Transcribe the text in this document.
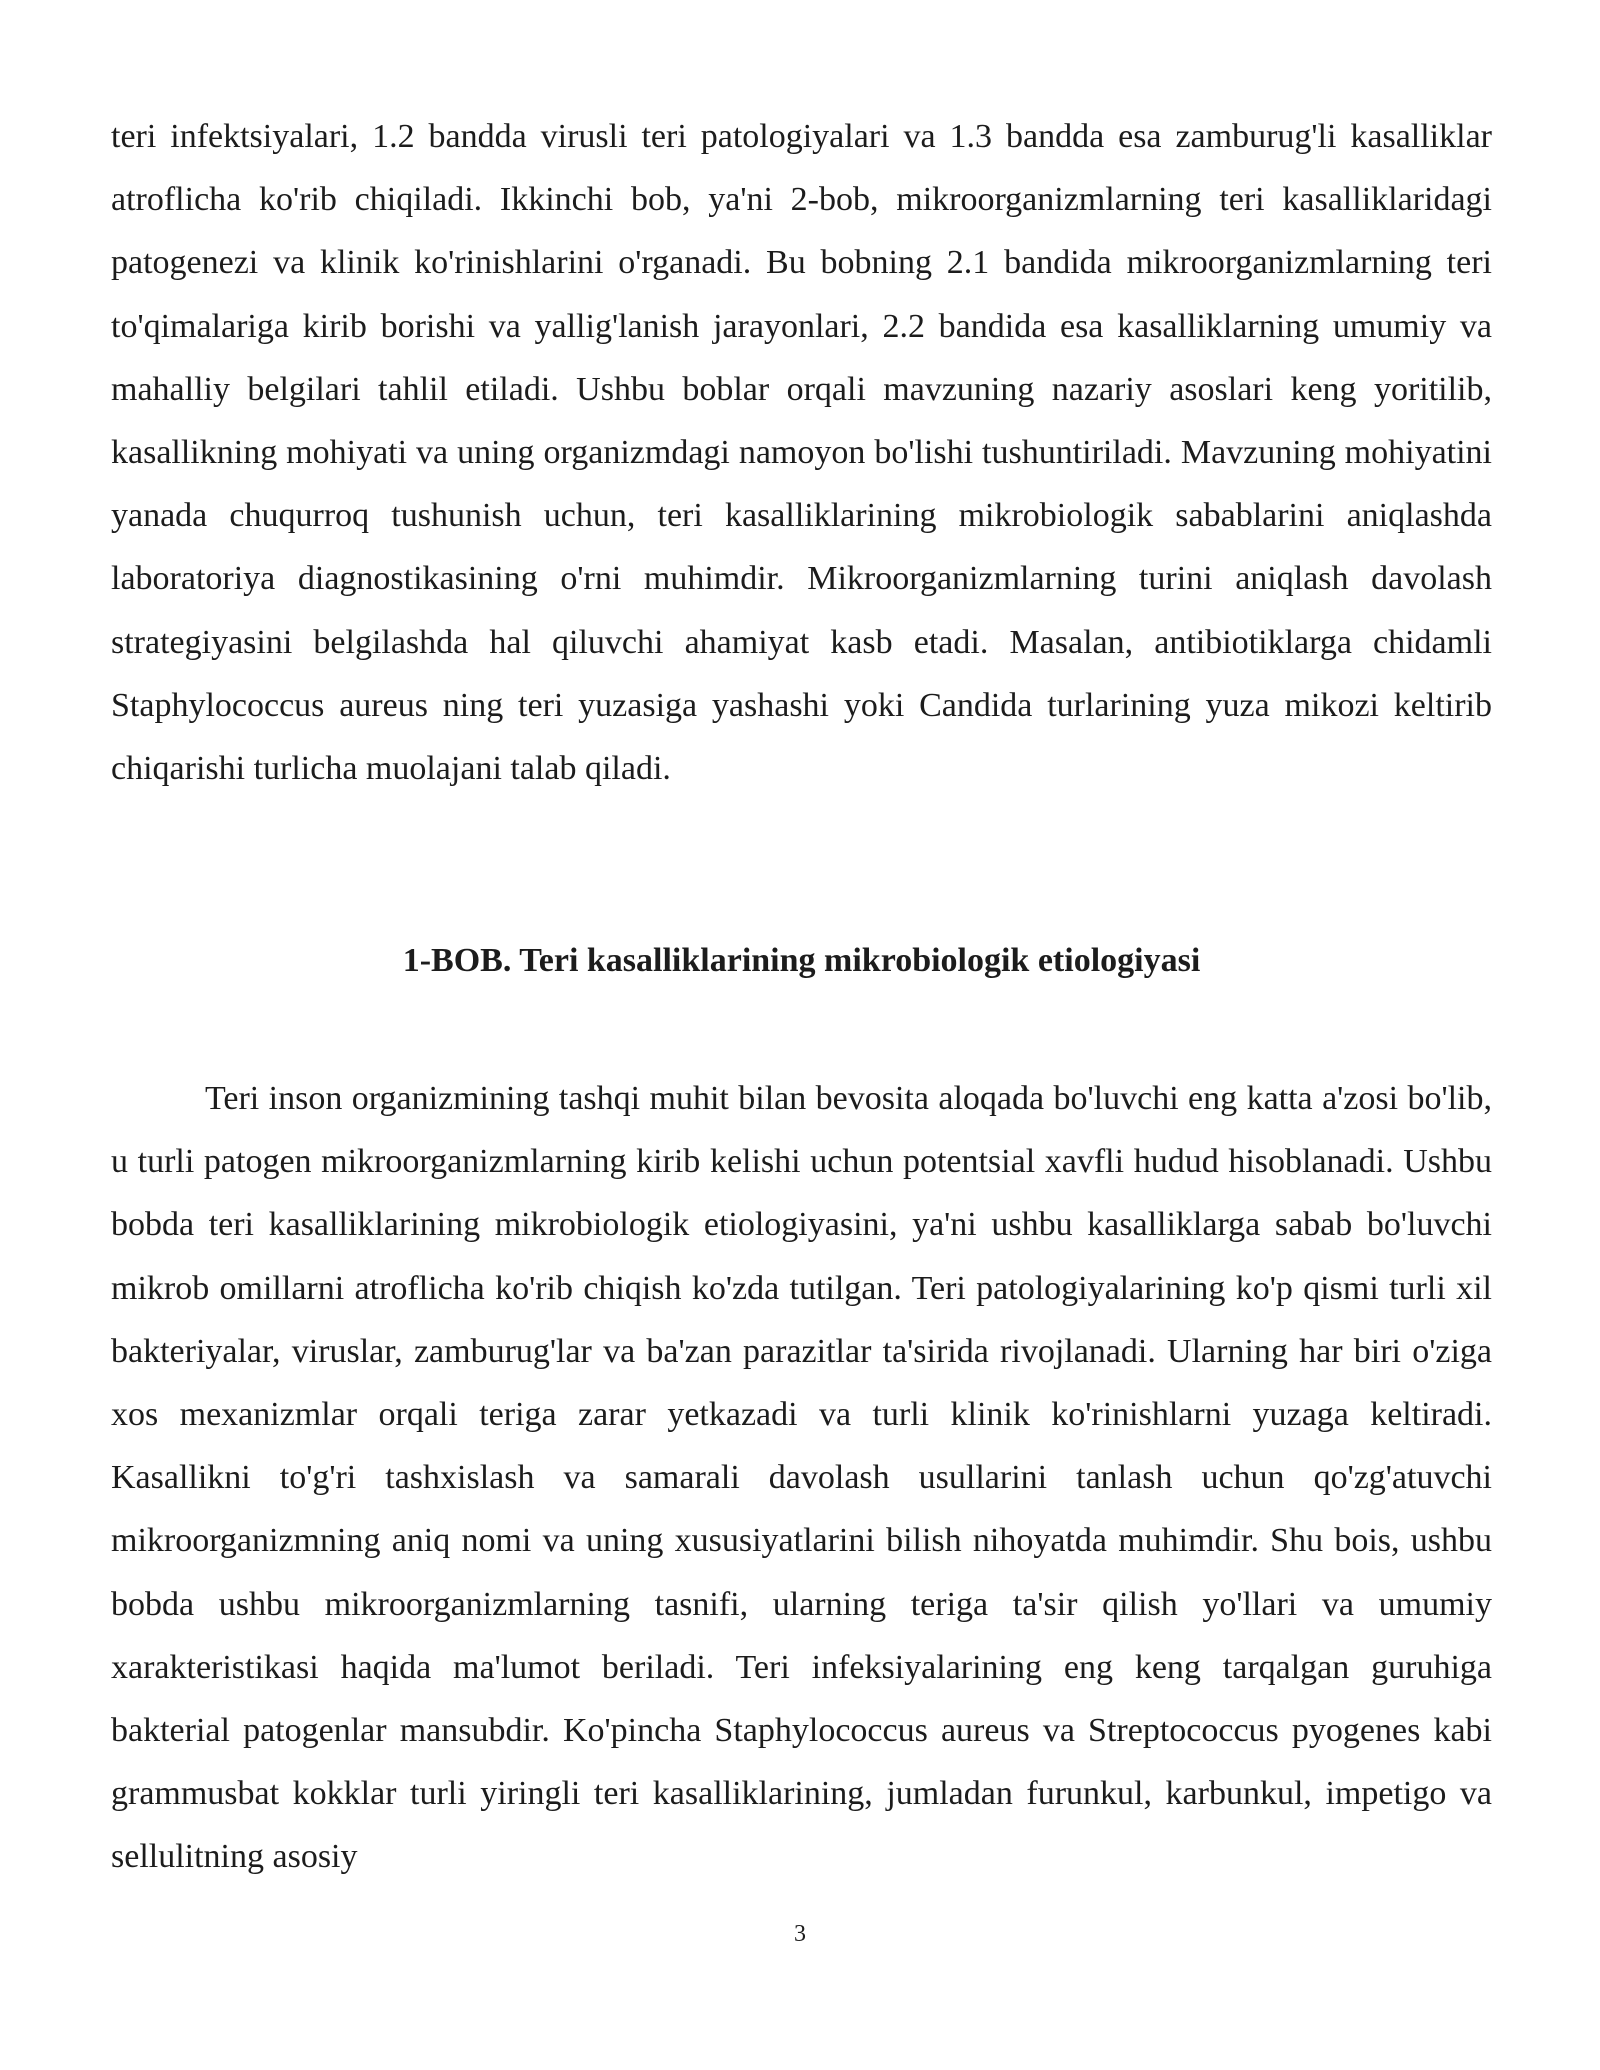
teri infektsiyalari, 1.2 bandda virusli teri patologiyalari va 1.3 bandda esa zamburug'li kasalliklar atroflicha ko'rib chiqiladi. Ikkinchi bob, ya'ni 2-bob, mikroorganizmlarning teri kasalliklaridagi patogenezi va klinik ko'rinishlarini o'rganadi. Bu bobning 2.1 bandida mikroorganizmlarning teri to'qimalariga kirib borishi va yallig'lanish jarayonlari, 2.2 bandida esa kasalliklarning umumiy va mahalliy belgilari tahlil etiladi. Ushbu boblar orqali mavzuning nazariy asoslari keng yoritilib, kasallikning mohiyati va uning organizmdagi namoyon bo'lishi tushuntiriladi. Mavzuning mohiyatini yanada chuqurroq tushunish uchun, teri kasalliklarining mikrobiologik sabablarini aniqlashda laboratoriya diagnostikasining o'rni muhimdir. Mikroorganizmlarning turini aniqlash davolash strategiyasini belgilashda hal qiluvchi ahamiyat kasb etadi. Masalan, antibiotiklarga chidamli Staphylococcus aureus ning teri yuzasiga yashashi yoki Candida turlarining yuza mikozi keltirib chiqarishi turlicha muolajani talab qiladi.

1-BOB. Teri kasalliklarining mikrobiologik etiologiyasi

Teri inson organizmining tashqi muhit bilan bevosita aloqada bo'luvchi eng katta a'zosi bo'lib, u turli patogen mikroorganizmlarning kirib kelishi uchun potentsial xavfli hudud hisoblanadi. Ushbu bobda teri kasalliklarining mikrobiologik etiologiyasini, ya'ni ushbu kasalliklarga sabab bo'luvchi mikrob omillarni atroflicha ko'rib chiqish ko'zda tutilgan. Teri patologiyalarining ko'p qismi turli xil bakteriyalar, viruslar, zamburug'lar va ba'zan parazitlar ta'sirida rivojlanadi. Ularning har biri o'ziga xos mexanizmlar orqali teriga zarar yetkazadi va turli klinik ko'rinishlarni yuzaga keltiradi. Kasallikni to'g'ri tashxislash va samarali davolash usullarini tanlash uchun qo'zg'atuvchi mikroorganizmning aniq nomi va uning xususiyatlarini bilish nihoyatda muhimdir. Shu bois, ushbu bobda ushbu mikroorganizmlarning tasnifi, ularning teriga ta'sir qilish yo'llari va umumiy xarakteristikasi haqida ma'lumot beriladi. Teri infeksiyalarining eng keng tarqalgan guruhiga bakterial patogenlar mansubdir. Ko'pincha Staphylococcus aureus va Streptococcus pyogenes kabi grammusbat kokklar turli yiringli teri kasalliklarining, jumladan furunkul, karbunkul, impetigo va sellulitning asosiy

3
